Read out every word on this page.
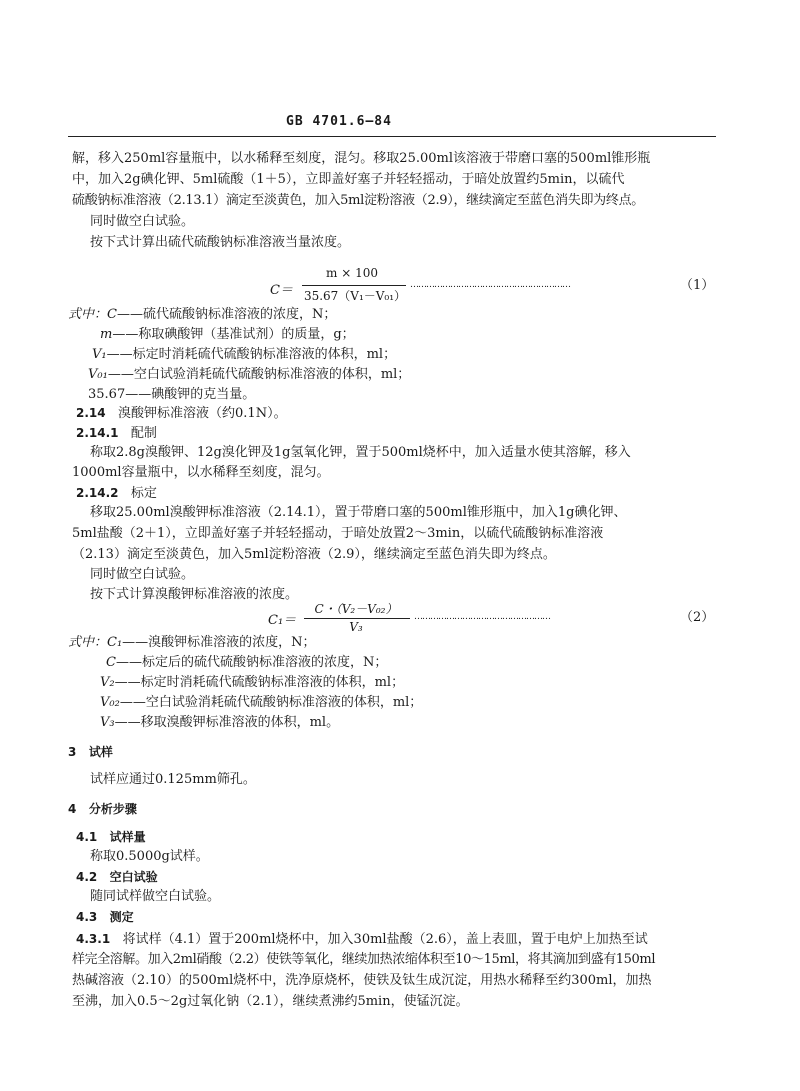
GB 4701.6—84
解，移入250ml容量瓶中，以水稀释至刻度，混匀。移取25.00ml该溶液于带磨口塞的500ml锥形瓶
中，加入2g碘化钾、5ml硫酸（1＋5），立即盖好塞子并轻轻摇动，于暗处放置约5min，以硫代
硫酸钠标准溶液（2.13.1）滴定至淡黄色，加入5ml淀粉溶液（2.9），继续滴定至蓝色消失即为终点。
同时做空白试验。
按下式计算出硫代硫酸钠标准溶液当量浓度。
C＝
m × 100
35.67（V₁－V₀₁）
……………………………………………………	（1）
式中：C——硫代硫酸钠标准溶液的浓度，N；
m——称取碘酸钾（基准试剂）的质量，g；
V₁——标定时消耗硫代硫酸钠标准溶液的体积，ml；
V₀₁——空白试验消耗硫代硫酸钠标准溶液的体积，ml；
35.67——碘酸钾的克当量。
2.14 溴酸钾标准溶液（约0.1N）。
2.14.1 配制
称取2.8g溴酸钾、12g溴化钾及1g氢氧化钾，置于500ml烧杯中，加入适量水使其溶解，移入
1000ml容量瓶中，以水稀释至刻度，混匀。
2.14.2 标定
移取25.00ml溴酸钾标准溶液（2.14.1），置于带磨口塞的500ml锥形瓶中，加入1g碘化钾、
5ml盐酸（2＋1），立即盖好塞子并轻轻摇动，于暗处放置2～3min，以硫代硫酸钠标准溶液
（2.13）滴定至淡黄色，加入5ml淀粉溶液（2.9），继续滴定至蓝色消失即为终点。
同时做空白试验。
按下式计算溴酸钾标准溶液的浓度。
C₁＝
C・（V₂－V₀₂）
V₃
……………………………………………	（2）
式中：C₁——溴酸钾标准溶液的浓度，N；
C——标定后的硫代硫酸钠标准溶液的浓度，N；
V₂——标定时消耗硫代硫酸钠标准溶液的体积，ml；
V₀₂——空白试验消耗硫代硫酸钠标准溶液的体积，ml；
V₃——移取溴酸钾标准溶液的体积，ml。
3 试样
试样应通过0.125mm筛孔。
4 分析步骤
4.1 试样量
称取0.5000g试样。
4.2 空白试验
随同试样做空白试验。
4.3 测定
4.3.1 将试样（4.1）置于200ml烧杯中，加入30ml盐酸（2.6），盖上表皿，置于电炉上加热至试
样完全溶解。加入2ml硝酸（2.2）使铁等氧化，继续加热浓缩体积至10～15ml，将其滴加到盛有150ml
热碱溶液（2.10）的500ml烧杯中，洗净原烧杯，使铁及钛生成沉淀，用热水稀释至约300ml，加热
至沸，加入0.5～2g过氧化钠（2.1），继续煮沸约5min，使锰沉淀。
